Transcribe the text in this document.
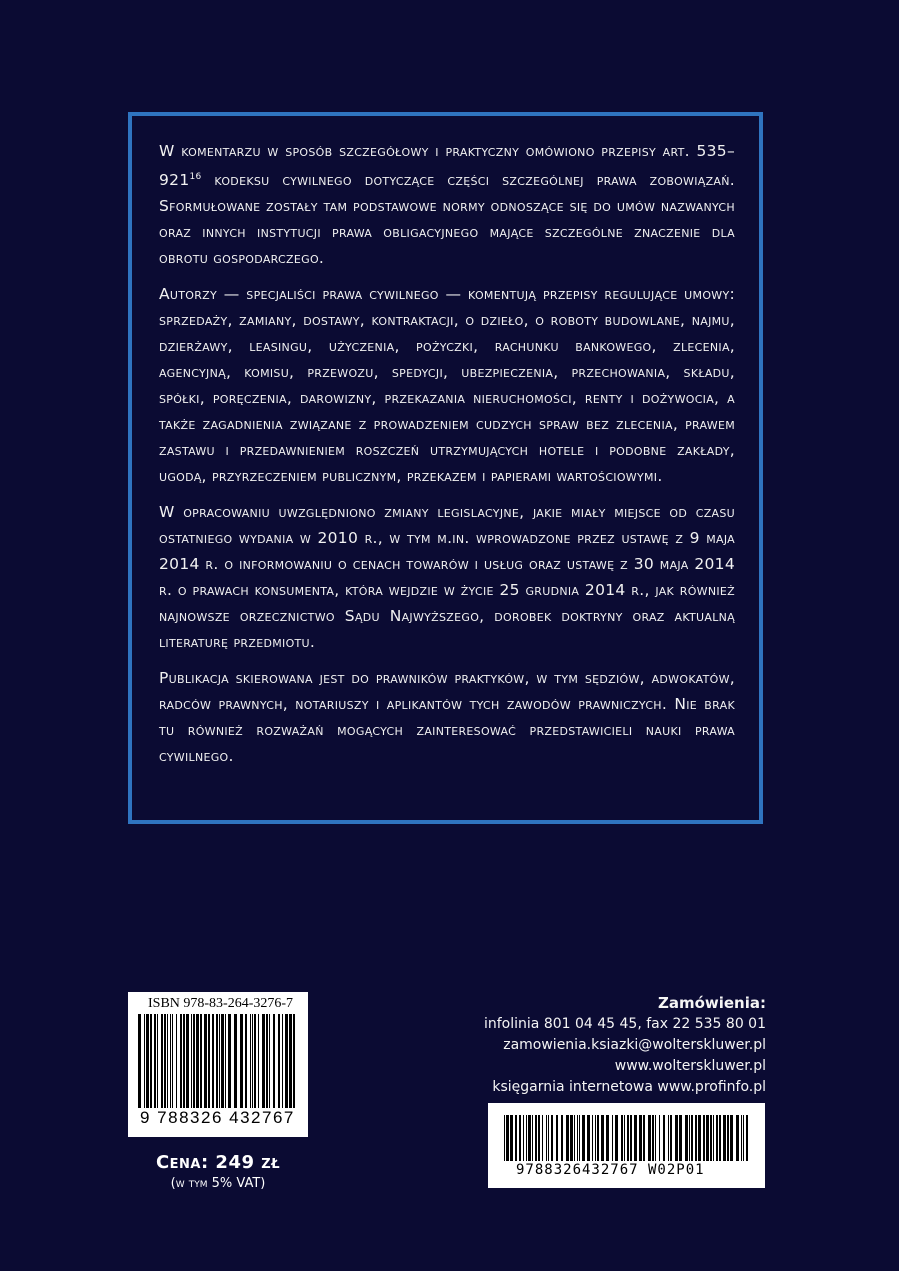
W komentarzu w sposób szczegółowy i praktyczny omówiono przepisy art. $535-921^{16}$ kodeksu cywilnego dotyczące części szczególnej prawa zobowiązań. Sformułowane zostały tam podstawowe normy odnoszące się do umów nazwanych oraz innych instytucji prawa obligacyjnego mające szczególne znaczenie dla obrotu gospodarczego.

Autorzy — specjaliści prawa cywilnego — komentują przepisy regulujące umowy: sprzedaży, zamiany, dostawy, kontraktacji, o dzieło, o roboty budowlane, najmu, dzierżawy, leasingu, użyczenia, pożyczki, rachunku bankowego, zlecenia, agencyjną, komisu, przewozu, spedycji, ubezpieczenia, przechowania, składu, spółki, poręczenia, darowizny, przekazania nieruchomości, renty i dożywocia, a także zagadnienia związane z prowadzeniem cudzych spraw bez zlecenia, prawem zastawu i przedawnieniem roszczeń utrzymujących hotele i podobne zakłady, ugodą, przyrzeczeniem publicznym, przekazem i papierami wartościowymi.

W opracowaniu uwzględniono zmiany legislacyjne, jakie miały miejsce od czasu ostatniego wydania w 2010 r., w tym m.in. wprowadzone przez ustawę z 9 maja 2014 r. o informowaniu o cenach towarów i usług oraz ustawę z 30 maja 2014 r. o prawach konsumenta, która wejdzie w życie 25 grudnia 2014 r., jak również najnowsze orzecznictwo Sądu Najwyższego, dorobek doktryny oraz aktualną literaturę przedmiotu.

Publikacja skierowana jest do prawników praktyków, w tym sędziów, adwokatów, radców prawnych, notariuszy i aplikantów tych zawodów prawniczych. Nie brak tu również rozważań mogących zainteresować przedstawicieli nauki prawa cywilnego.

ISBN 978-83-264-3276-7
9 788326 432767
Cena: 249 zł
(w tym 5% VAT)
Zamówienia:
infolinia 801 04 45 45, fax 22 535 80 01
zamowienia.ksiazki@wolterskluwer.pl
www.wolterskluwer.pl
księgarnia internetowa www.profinfo.pl
9788326432767 W02P01
